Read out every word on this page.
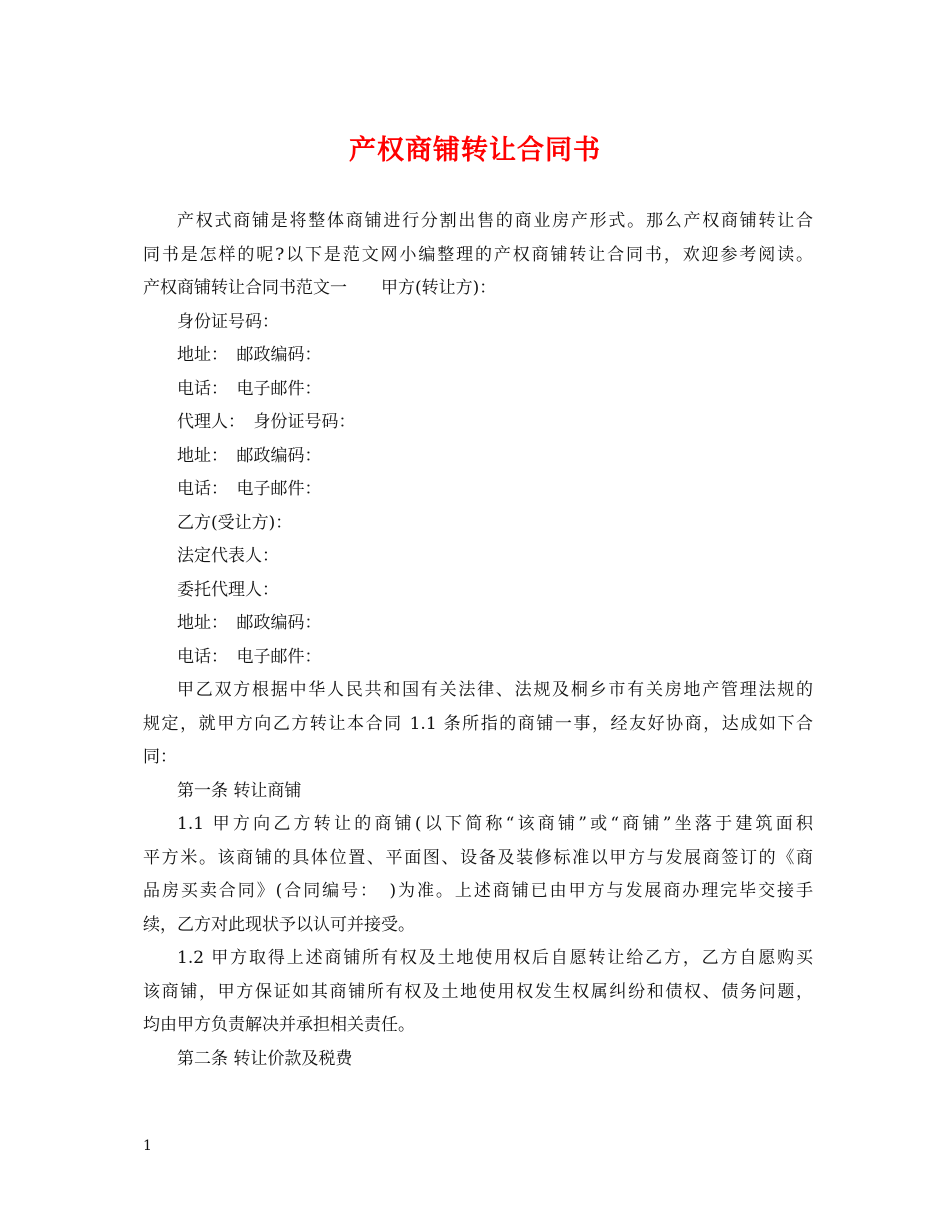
产权商铺转让合同书

产权式商铺是将整体商铺进行分割出售的商业房产形式。那么产权商铺转让合

同书是怎样的呢?以下是范文网小编整理的产权商铺转让合同书，欢迎参考阅读。

产权商铺转让合同书范文一　　甲方(转让方)：

身份证号码：

地址：　邮政编码：

电话：　电子邮件：

代理人：　身份证号码：

地址：　邮政编码：

电话：　电子邮件：

乙方(受让方)：

法定代表人：

委托代理人：

地址：　邮政编码：

电话：　电子邮件：

甲乙双方根据中华人民共和国有关法律、法规及桐乡市有关房地产管理法规的

规定，就甲方向乙方转让本合同 1.1 条所指的商铺一事，经友好协商，达成如下合

同：

第一条 转让商铺

1.1 甲方向乙方转让的商铺(以下简称“该商铺”或“商铺”坐落于建筑面积

平方米。该商铺的具体位置、平面图、设备及装修标准以甲方与发展商签订的《商

品房买卖合同》(合同编号：　)为准。上述商铺已由甲方与发展商办理完毕交接手

续，乙方对此现状予以认可并接受。

1.2 甲方取得上述商铺所有权及土地使用权后自愿转让给乙方，乙方自愿购买

该商铺，甲方保证如其商铺所有权及土地使用权发生权属纠纷和债权、债务问题，

均由甲方负责解决并承担相关责任。

第二条 转让价款及税费

1
